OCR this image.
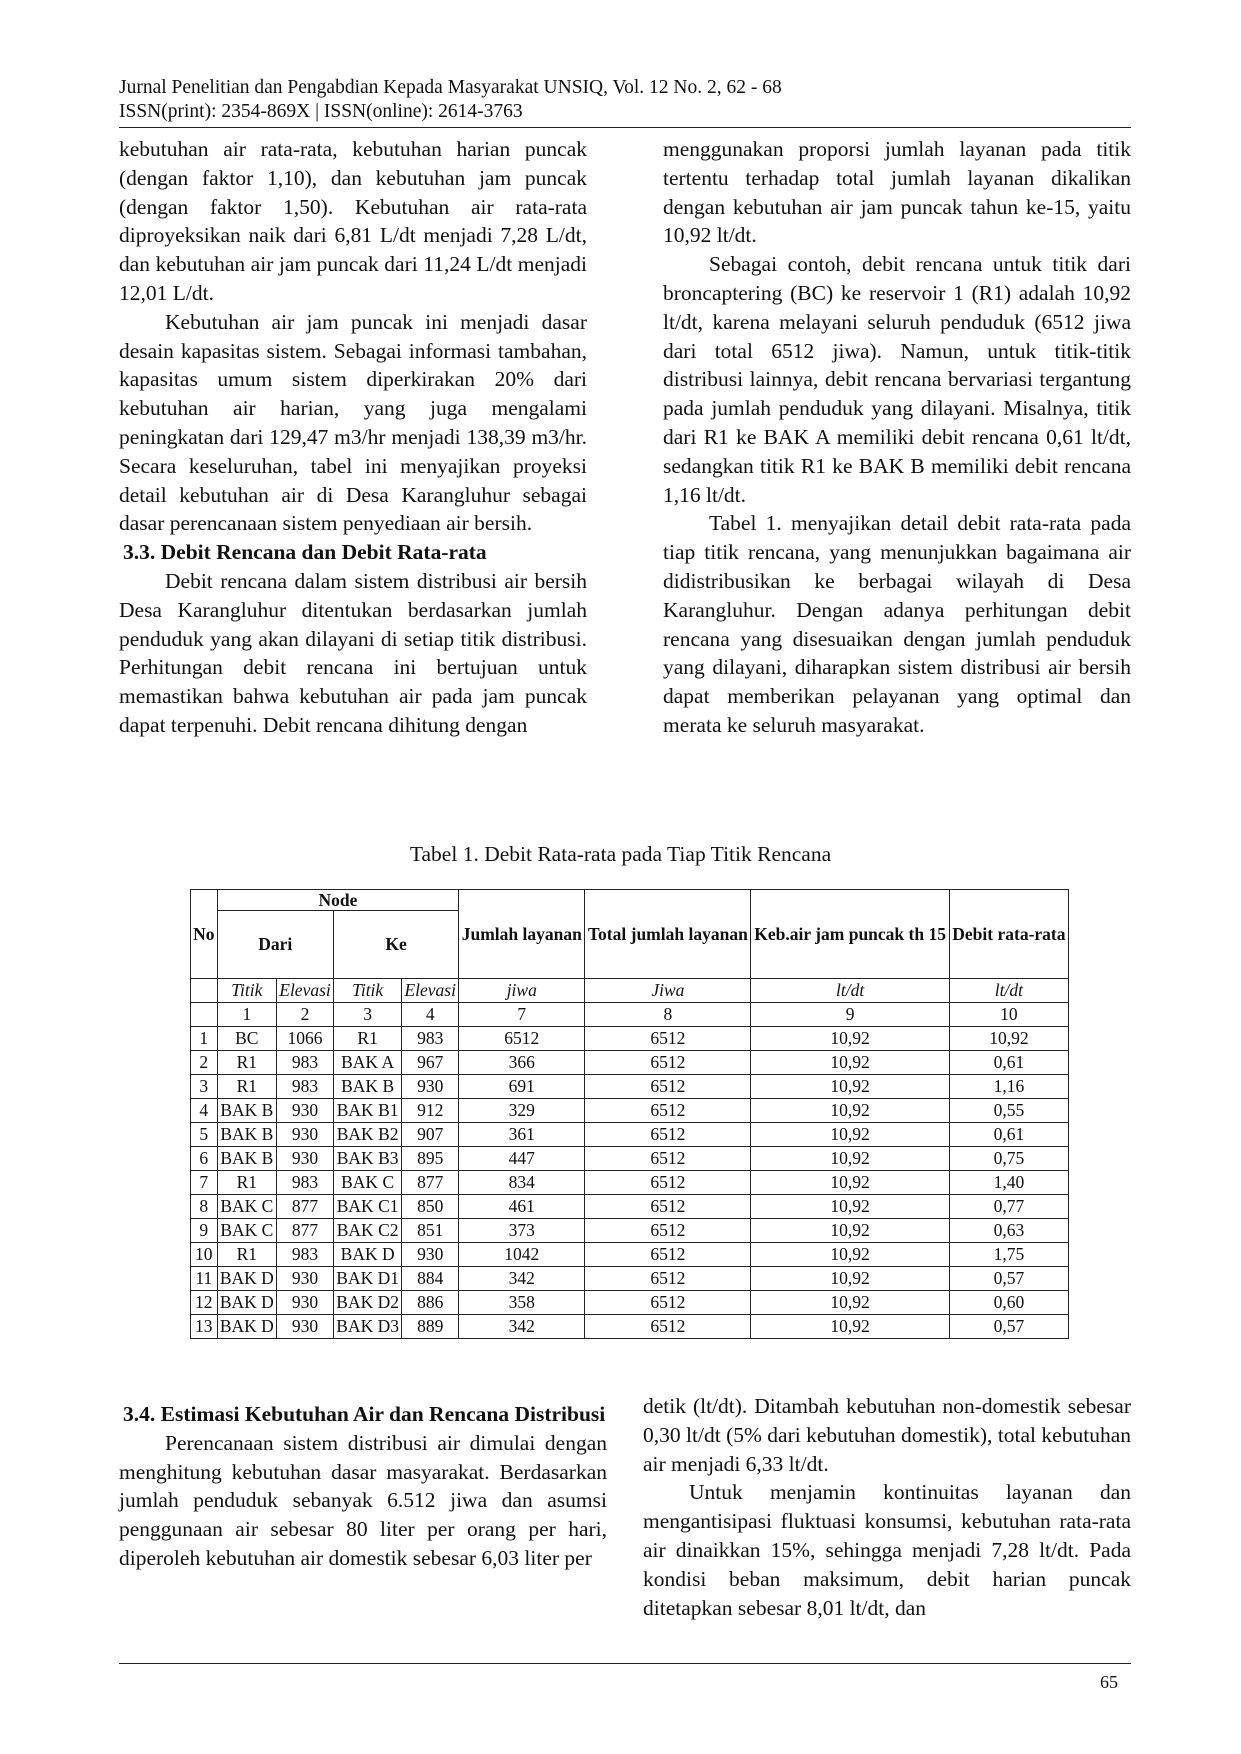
Jurnal Penelitian dan Pengabdian Kepada Masyarakat UNSIQ, Vol. 12 No. 2, 62 - 68
ISSN(print): 2354-869X | ISSN(online): 2614-3763

kebutuhan air rata-rata, kebutuhan harian puncak (dengan faktor 1,10), dan kebutuhan jam puncak (dengan faktor 1,50). Kebutuhan air rata-rata diproyeksikan naik dari 6,81 L/dt menjadi 7,28 L/dt, dan kebutuhan air jam puncak dari 11,24 L/dt menjadi 12,01 L/dt.

Kebutuhan air jam puncak ini menjadi dasar desain kapasitas sistem. Sebagai informasi tambahan, kapasitas umum sistem diperkirakan 20% dari kebutuhan air harian, yang juga mengalami peningkatan dari 129,47 m3/hr menjadi 138,39 m3/hr. Secara keseluruhan, tabel ini menyajikan proyeksi detail kebutuhan air di Desa Karangluhur sebagai dasar perencanaan sistem penyediaan air bersih.

3.3. Debit Rencana dan Debit Rata-rata

Debit rencana dalam sistem distribusi air bersih Desa Karangluhur ditentukan berdasarkan jumlah penduduk yang akan dilayani di setiap titik distribusi. Perhitungan debit rencana ini bertujuan untuk memastikan bahwa kebutuhan air pada jam puncak dapat terpenuhi. Debit rencana dihitung dengan

menggunakan proporsi jumlah layanan pada titik tertentu terhadap total jumlah layanan dikalikan dengan kebutuhan air jam puncak tahun ke-15, yaitu 10,92 lt/dt.

Sebagai contoh, debit rencana untuk titik dari broncaptering (BC) ke reservoir 1 (R1) adalah 10,92 lt/dt, karena melayani seluruh penduduk (6512 jiwa dari total 6512 jiwa). Namun, untuk titik-titik distribusi lainnya, debit rencana bervariasi tergantung pada jumlah penduduk yang dilayani. Misalnya, titik dari R1 ke BAK A memiliki debit rencana 0,61 lt/dt, sedangkan titik R1 ke BAK B memiliki debit rencana 1,16 lt/dt.

Tabel 1. menyajikan detail debit rata-rata pada tiap titik rencana, yang menunjukkan bagaimana air didistribusikan ke berbagai wilayah di Desa Karangluhur. Dengan adanya perhitungan debit rencana yang disesuaikan dengan jumlah penduduk yang dilayani, diharapkan sistem distribusi air bersih dapat memberikan pelayanan yang optimal dan merata ke seluruh masyarakat.

Tabel 1. Debit Rata-rata pada Tiap Titik Rencana
No	Node				Jumlah layanan	Total jumlah layanan	Keb.air jam puncak th 15	Debit rata-rata
	Dari		Ke					
	Titik	Elevasi	Titik	Elevasi	jiwa	Jiwa	lt/dt	lt/dt
	1	2	3	4	7	8	9	10
1	BC	1066	R1	983	6512	6512	10,92	10,92
2	R1	983	BAK A	967	366	6512	10,92	0,61
3	R1	983	BAK B	930	691	6512	10,92	1,16
4	BAK B	930	BAK B1	912	329	6512	10,92	0,55
5	BAK B	930	BAK B2	907	361	6512	10,92	0,61
6	BAK B	930	BAK B3	895	447	6512	10,92	0,75
7	R1	983	BAK C	877	834	6512	10,92	1,40
8	BAK C	877	BAK C1	850	461	6512	10,92	0,77
9	BAK C	877	BAK C2	851	373	6512	10,92	0,63
10	R1	983	BAK D	930	1042	6512	10,92	1,75
11	BAK D	930	BAK D1	884	342	6512	10,92	0,57
12	BAK D	930	BAK D2	886	358	6512	10,92	0,60
13	BAK D	930	BAK D3	889	342	6512	10,92	0,57
3.4. Estimasi Kebutuhan Air dan Rencana Distribusi

Perencanaan sistem distribusi air dimulai dengan menghitung kebutuhan dasar masyarakat. Berdasarkan jumlah penduduk sebanyak 6.512 jiwa dan asumsi penggunaan air sebesar 80 liter per orang per hari, diperoleh kebutuhan air domestik sebesar 6,03 liter per

detik (lt/dt). Ditambah kebutuhan non-domestik sebesar 0,30 lt/dt (5% dari kebutuhan domestik), total kebutuhan air menjadi 6,33 lt/dt.

Untuk menjamin kontinuitas layanan dan mengantisipasi fluktuasi konsumsi, kebutuhan rata-rata air dinaikkan 15%, sehingga menjadi 7,28 lt/dt. Pada kondisi beban maksimum, debit harian puncak ditetapkan sebesar 8,01 lt/dt, dan

65
